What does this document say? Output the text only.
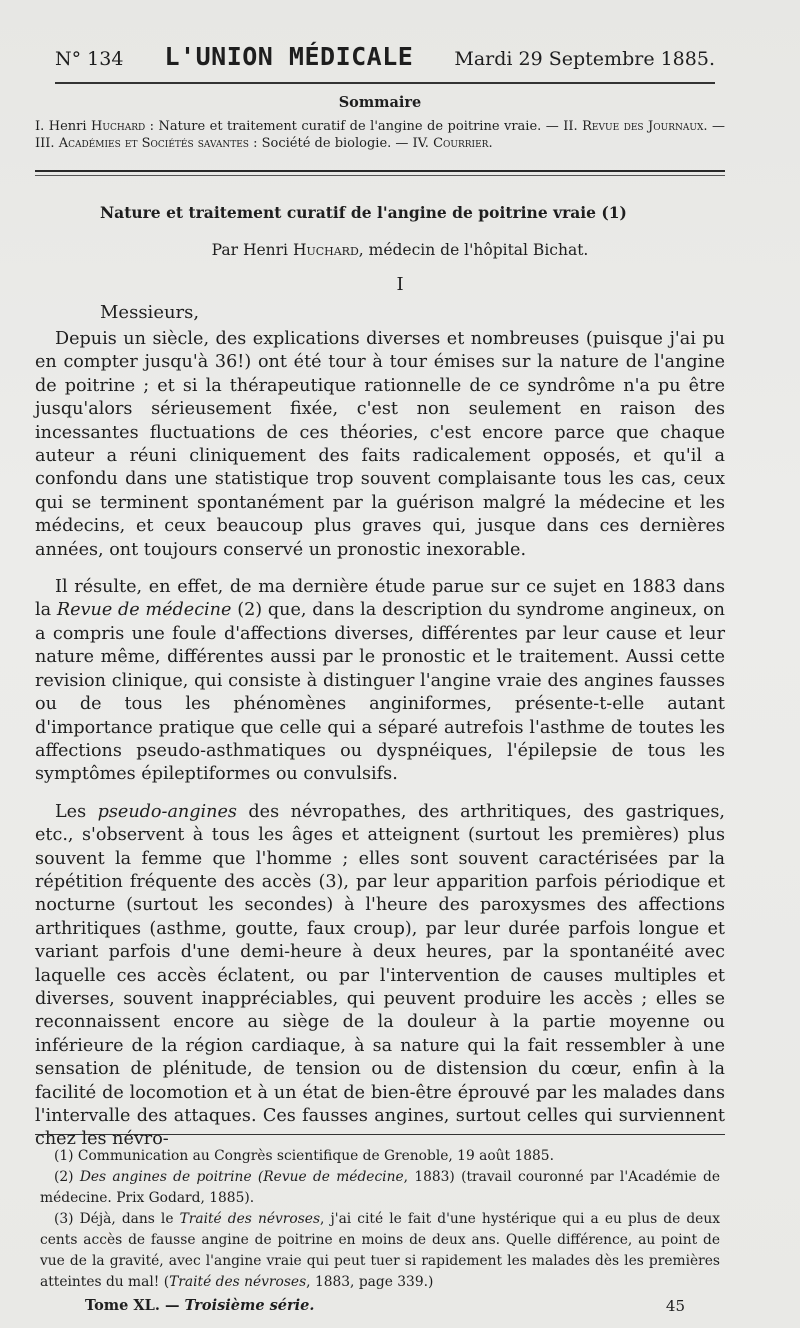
N° 134 L'UNION MÉDICALE Mardi 29 Septembre 1885.
Sommaire
I. Henri Huchard : Nature et traitement curatif de l'angine de poitrine vraie. — II. Revue des Journaux. — III. Académies et Sociétés savantes : Société de biologie. — IV. Courrier.
Nature et traitement curatif de l'angine de poitrine vraie (1)
Par Henri Huchard, médecin de l'hôpital Bichat.
I
Messieurs,

Depuis un siècle, des explications diverses et nombreuses (puisque j'ai pu en compter jusqu'à 36!) ont été tour à tour émises sur la nature de l'angine de poitrine ; et si la thérapeutique rationnelle de ce syndrôme n'a pu être jusqu'alors sérieusement fixée, c'est non seulement en raison des incessantes fluctuations de ces théories, c'est encore parce que chaque auteur a réuni cliniquement des faits radicalement opposés, et qu'il a confondu dans une statistique trop souvent complaisante tous les cas, ceux qui se terminent spontanément par la guérison malgré la médecine et les médecins, et ceux beaucoup plus graves qui, jusque dans ces dernières années, ont toujours conservé un pronostic inexorable.

Il résulte, en effet, de ma dernière étude parue sur ce sujet en 1883 dans la Revue de médecine (2) que, dans la description du syndrome angineux, on a compris une foule d'affections diverses, différentes par leur cause et leur nature même, différentes aussi par le pronostic et le traitement. Aussi cette revision clinique, qui consiste à distinguer l'angine vraie des angines fausses ou de tous les phénomènes anginiformes, présente-t-elle autant d'importance pratique que celle qui a séparé autrefois l'asthme de toutes les affections pseudo-asthmatiques ou dyspnéiques, l'épilepsie de tous les symptômes épileptiformes ou convulsifs.

Les pseudo-angines des névropathes, des arthritiques, des gastriques, etc., s'observent à tous les âges et atteignent (surtout les premières) plus souvent la femme que l'homme ; elles sont souvent caractérisées par la répétition fréquente des accès (3), par leur apparition parfois périodique et nocturne (surtout les secondes) à l'heure des paroxysmes des affections arthritiques (asthme, goutte, faux croup), par leur durée parfois longue et variant parfois d'une demi-heure à deux heures, par la spontanéité avec laquelle ces accès éclatent, ou par l'intervention de causes multiples et diverses, souvent inappréciables, qui peuvent produire les accès ; elles se reconnaissent encore au siège de la douleur à la partie moyenne ou inférieure de la région cardiaque, à sa nature qui la fait ressembler à une sensation de plénitude, de tension ou de distension du cœur, enfin à la facilité de locomotion et à un état de bien-être éprouvé par les malades dans l'intervalle des attaques. Ces fausses angines, surtout celles qui surviennent chez les névro-

(1) Communication au Congrès scientifique de Grenoble, 19 août 1885.

(2) Des angines de poitrine (Revue de médecine, 1883) (travail couronné par l'Académie de médecine. Prix Godard, 1885).

(3) Déjà, dans le Traité des névroses, j'ai cité le fait d'une hystérique qui a eu plus de deux cents accès de fausse angine de poitrine en moins de deux ans. Quelle différence, au point de vue de la gravité, avec l'angine vraie qui peut tuer si rapidement les malades dès les premières atteintes du mal! (Traité des névroses, 1883, page 339.)

Tome XL. — Troisième série.	45
